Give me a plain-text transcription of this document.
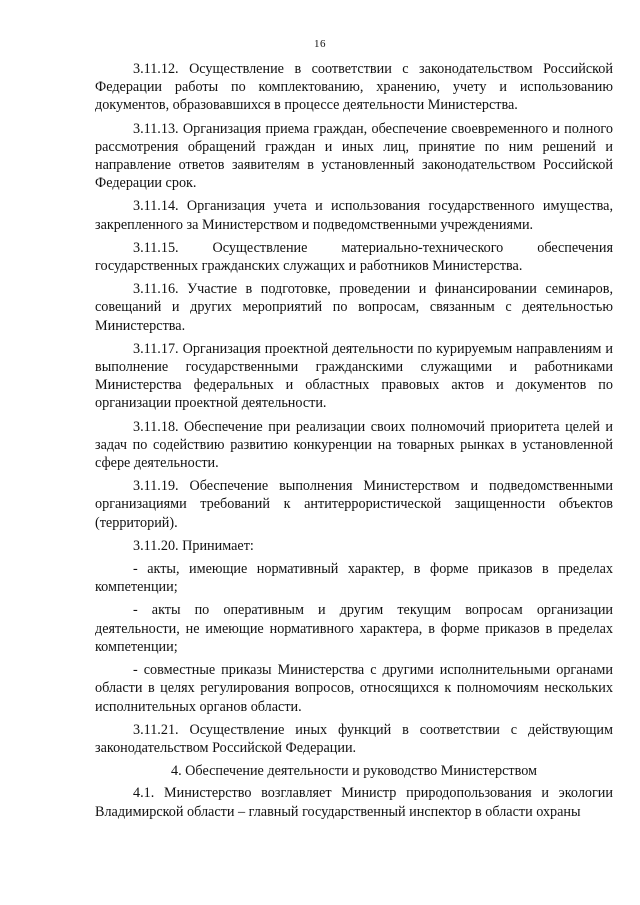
16

3.11.12. Осуществление в соответствии с законодательством Российской Федерации работы по комплектованию, хранению, учету и использованию документов, образовавшихся в процессе деятельности Министерства.

3.11.13. Организация приема граждан, обеспечение своевременного и полного рассмотрения обращений граждан и иных лиц, принятие по ним решений и направление ответов заявителям в установленный законодательством Российской Федерации срок.

3.11.14. Организация учета и использования государственного имущества, закрепленного за Министерством и подведомственными учреждениями.

3.11.15. Осуществление материально-технического обеспечения государственных гражданских служащих и работников Министерства.

3.11.16. Участие в подготовке, проведении и финансировании семинаров, совещаний и других мероприятий по вопросам, связанным с деятельностью Министерства.

3.11.17. Организация проектной деятельности по курируемым направлениям и выполнение государственными гражданскими служащими и работниками Министерства федеральных и областных правовых актов и документов по организации проектной деятельности.

3.11.18. Обеспечение при реализации своих полномочий приоритета целей и задач по содействию развитию конкуренции на товарных рынках в установленной сфере деятельности.

3.11.19. Обеспечение выполнения Министерством и подведомственными организациями требований к антитеррористической защищенности объектов (территорий).

3.11.20. Принимает:

- акты, имеющие нормативный характер, в форме приказов в пределах компетенции;

- акты по оперативным и другим текущим вопросам организации деятельности, не имеющие нормативного характера, в форме приказов в пределах компетенции;

- совместные приказы Министерства с другими исполнительными органами области в целях регулирования вопросов, относящихся к полномочиям нескольких исполнительных органов области.

3.11.21. Осуществление иных функций в соответствии с действующим законодательством Российской Федерации.

4. Обеспечение деятельности и руководство Министерством

4.1. Министерство возглавляет Министр природопользования и экологии Владимирской области – главный государственный инспектор в области охраны
